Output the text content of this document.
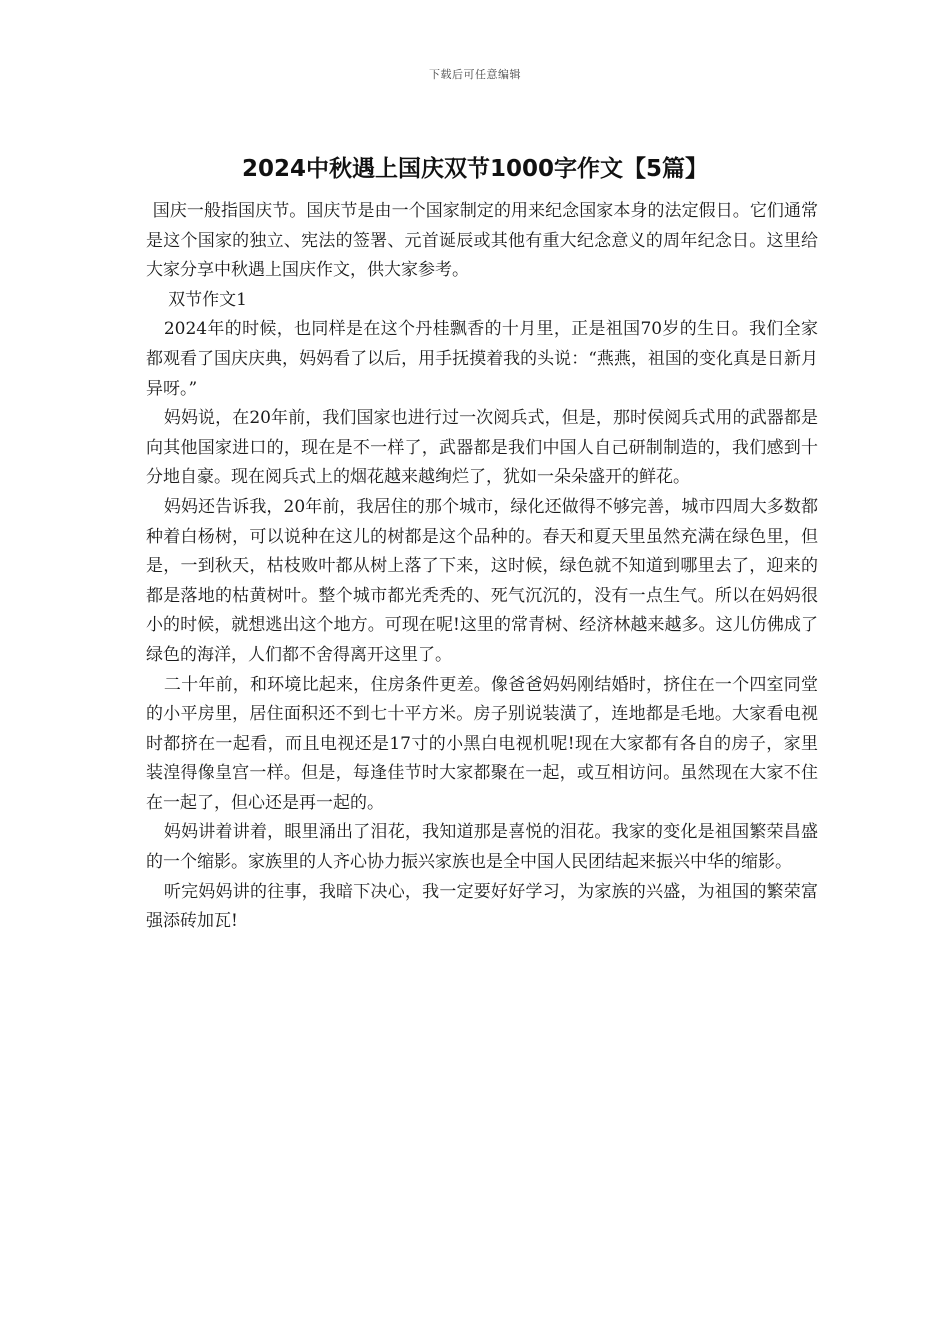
下载后可任意编辑
2024中秋遇上国庆双节1000字作文【5篇】

国庆一般指国庆节。国庆节是由一个国家制定的用来纪念国家本身的法定假日。它们通常是这个国家的独立、宪法的签署、元首诞辰或其他有重大纪念意义的周年纪念日。这里给大家分享中秋遇上国庆作文，供大家参考。

双节作文1

2024年的时候，也同样是在这个丹桂飘香的十月里，正是祖国70岁的生日。我们全家都观看了国庆庆典，妈妈看了以后，用手抚摸着我的头说：“燕燕，祖国的变化真是日新月异呀。”

妈妈说，在20年前，我们国家也进行过一次阅兵式，但是，那时侯阅兵式用的武器都是向其他国家进口的，现在是不一样了，武器都是我们中国人自己研制制造的，我们感到十分地自豪。现在阅兵式上的烟花越来越绚烂了，犹如一朵朵盛开的鲜花。

妈妈还告诉我，20年前，我居住的那个城市，绿化还做得不够完善，城市四周大多数都种着白杨树，可以说种在这儿的树都是这个品种的。春天和夏天里虽然充满在绿色里，但是，一到秋天，枯枝败叶都从树上落了下来，这时候，绿色就不知道到哪里去了，迎来的都是落地的枯黄树叶。整个城市都光秃秃的、死气沉沉的，没有一点生气。所以在妈妈很小的时候，就想逃出这个地方。可现在呢!这里的常青树、经济林越来越多。这儿仿佛成了绿色的海洋，人们都不舍得离开这里了。

二十年前，和环境比起来，住房条件更差。像爸爸妈妈刚结婚时，挤住在一个四室同堂的小平房里，居住面积还不到七十平方米。房子别说装潢了，连地都是毛地。大家看电视时都挤在一起看，而且电视还是17寸的小黑白电视机呢!现在大家都有各自的房子，家里装湟得像皇宫一样。但是，每逢佳节时大家都聚在一起，或互相访问。虽然现在大家不住在一起了，但心还是再一起的。

妈妈讲着讲着，眼里涌出了泪花，我知道那是喜悦的泪花。我家的变化是祖国繁荣昌盛的一个缩影。家族里的人齐心协力振兴家族也是全中国人民团结起来振兴中华的缩影。

听完妈妈讲的往事，我暗下决心，我一定要好好学习，为家族的兴盛，为祖国的繁荣富强添砖加瓦!
